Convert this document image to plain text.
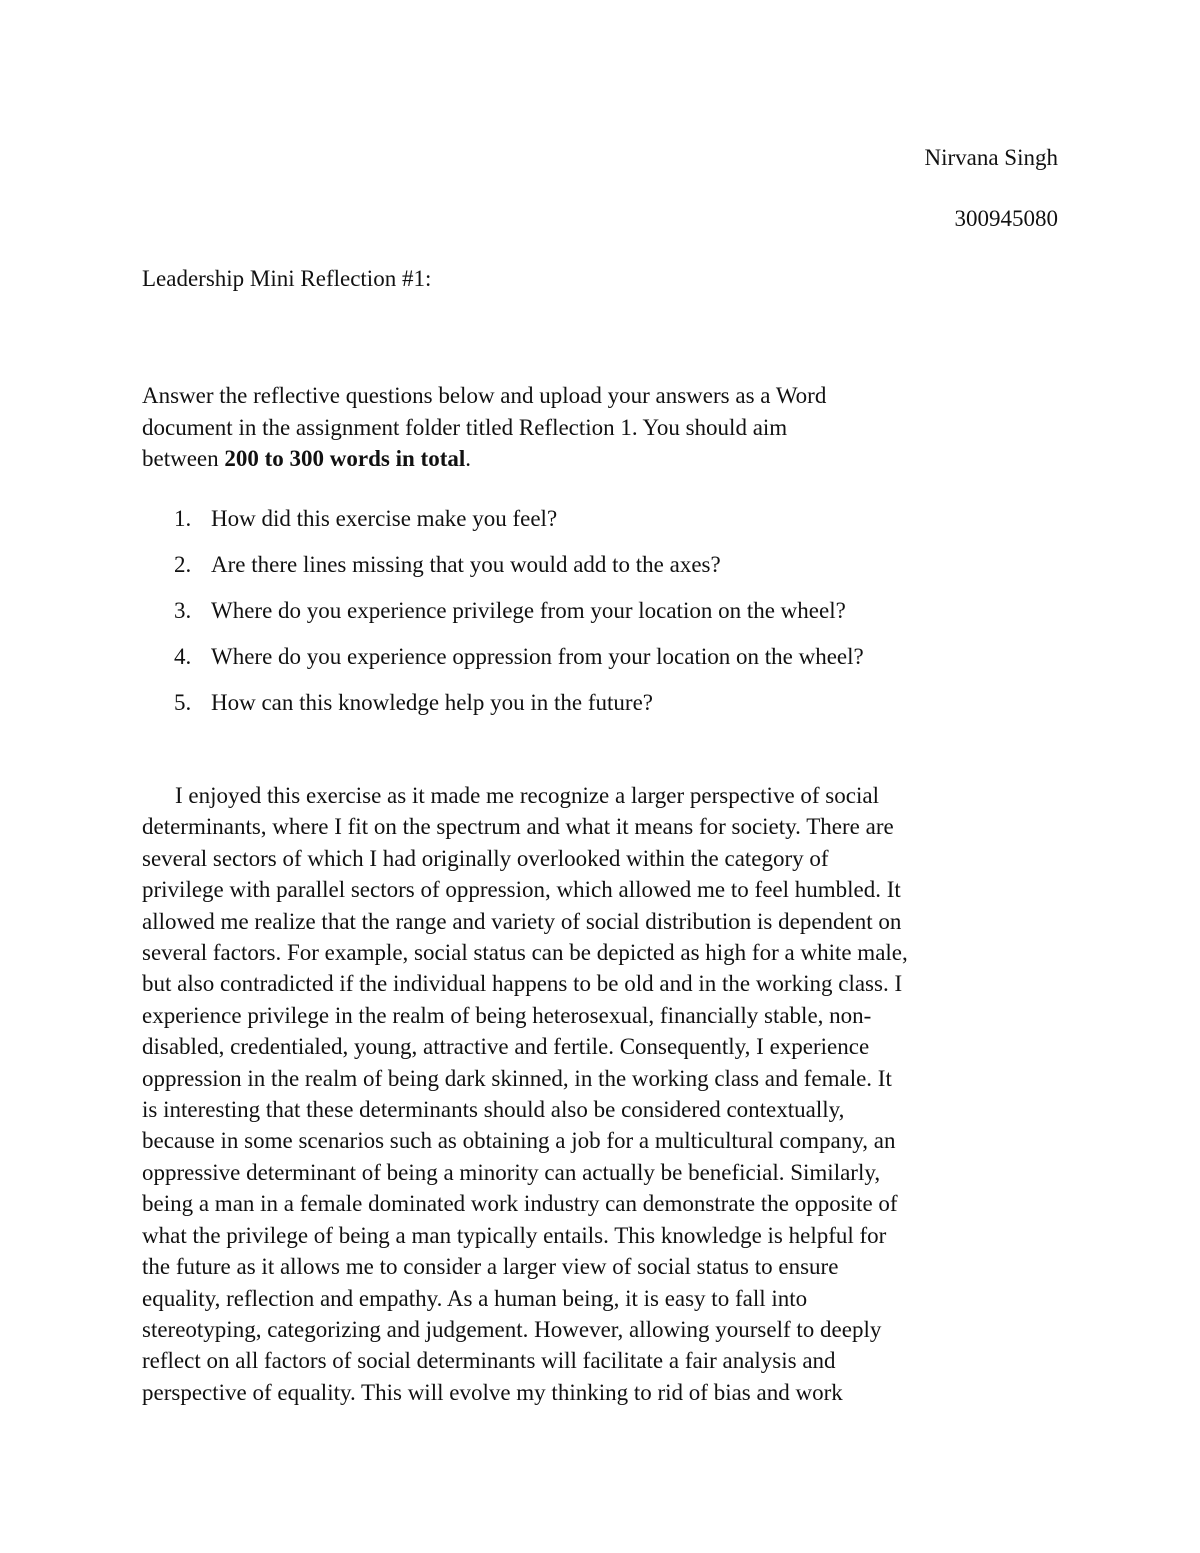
Nirvana Singh
300945080
Leadership Mini Reflection #1:
Answer the reflective questions below and upload your answers as a Word
document in the assignment folder titled Reflection 1. You should aim
between 200 to 300 words in total.
1. How did this exercise make you feel?
2. Are there lines missing that you would add to the axes?
3. Where do you experience privilege from your location on the wheel?
4. Where do you experience oppression from your location on the wheel?
5. How can this knowledge help you in the future?
I enjoyed this exercise as it made me recognize a larger perspective of social
determinants, where I fit on the spectrum and what it means for society. There are
several sectors of which I had originally overlooked within the category of
privilege with parallel sectors of oppression, which allowed me to feel humbled. It
allowed me realize that the range and variety of social distribution is dependent on
several factors. For example, social status can be depicted as high for a white male,
but also contradicted if the individual happens to be old and in the working class. I
experience privilege in the realm of being heterosexual, financially stable, non-
disabled, credentialed, young, attractive and fertile. Consequently, I experience
oppression in the realm of being dark skinned, in the working class and female. It
is interesting that these determinants should also be considered contextually,
because in some scenarios such as obtaining a job for a multicultural company, an
oppressive determinant of being a minority can actually be beneficial. Similarly,
being a man in a female dominated work industry can demonstrate the opposite of
what the privilege of being a man typically entails. This knowledge is helpful for
the future as it allows me to consider a larger view of social status to ensure
equality, reflection and empathy. As a human being, it is easy to fall into
stereotyping, categorizing and judgement. However, allowing yourself to deeply
reflect on all factors of social determinants will facilitate a fair analysis and
perspective of equality. This will evolve my thinking to rid of bias and work
